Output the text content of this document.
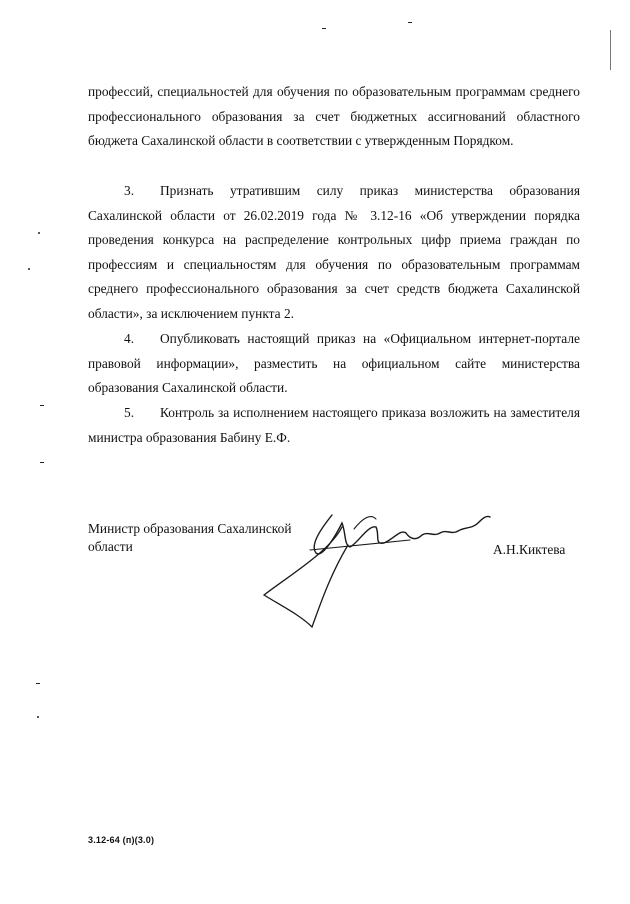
профессий, специальностей для обучения по образовательным программам среднего профессионального образования за счет бюджетных ассигнований областного бюджета Сахалинской области в соответствии с утвержденным Порядком.

3. Признать утратившим силу приказ министерства образования Сахалинской области от 26.02.2019 года № 3.12-16 «Об утверждении порядка проведения конкурса на распределение контрольных цифр приема граждан по профессиям и специальностям для обучения по образовательным программам среднего профессионального образования за счет средств бюджета Сахалинской области», за исключением пункта 2.

4. Опубликовать настоящий приказ на «Официальном интернет-портале правовой информации», разместить на официальном сайте министерства образования Сахалинской области.

5. Контроль за исполнением настоящего приказа возложить на заместителя министра образования Бабину Е.Ф.

Министр образования Сахалинской области	А.Н.Киктева
3.12-64 (п)(3.0)
